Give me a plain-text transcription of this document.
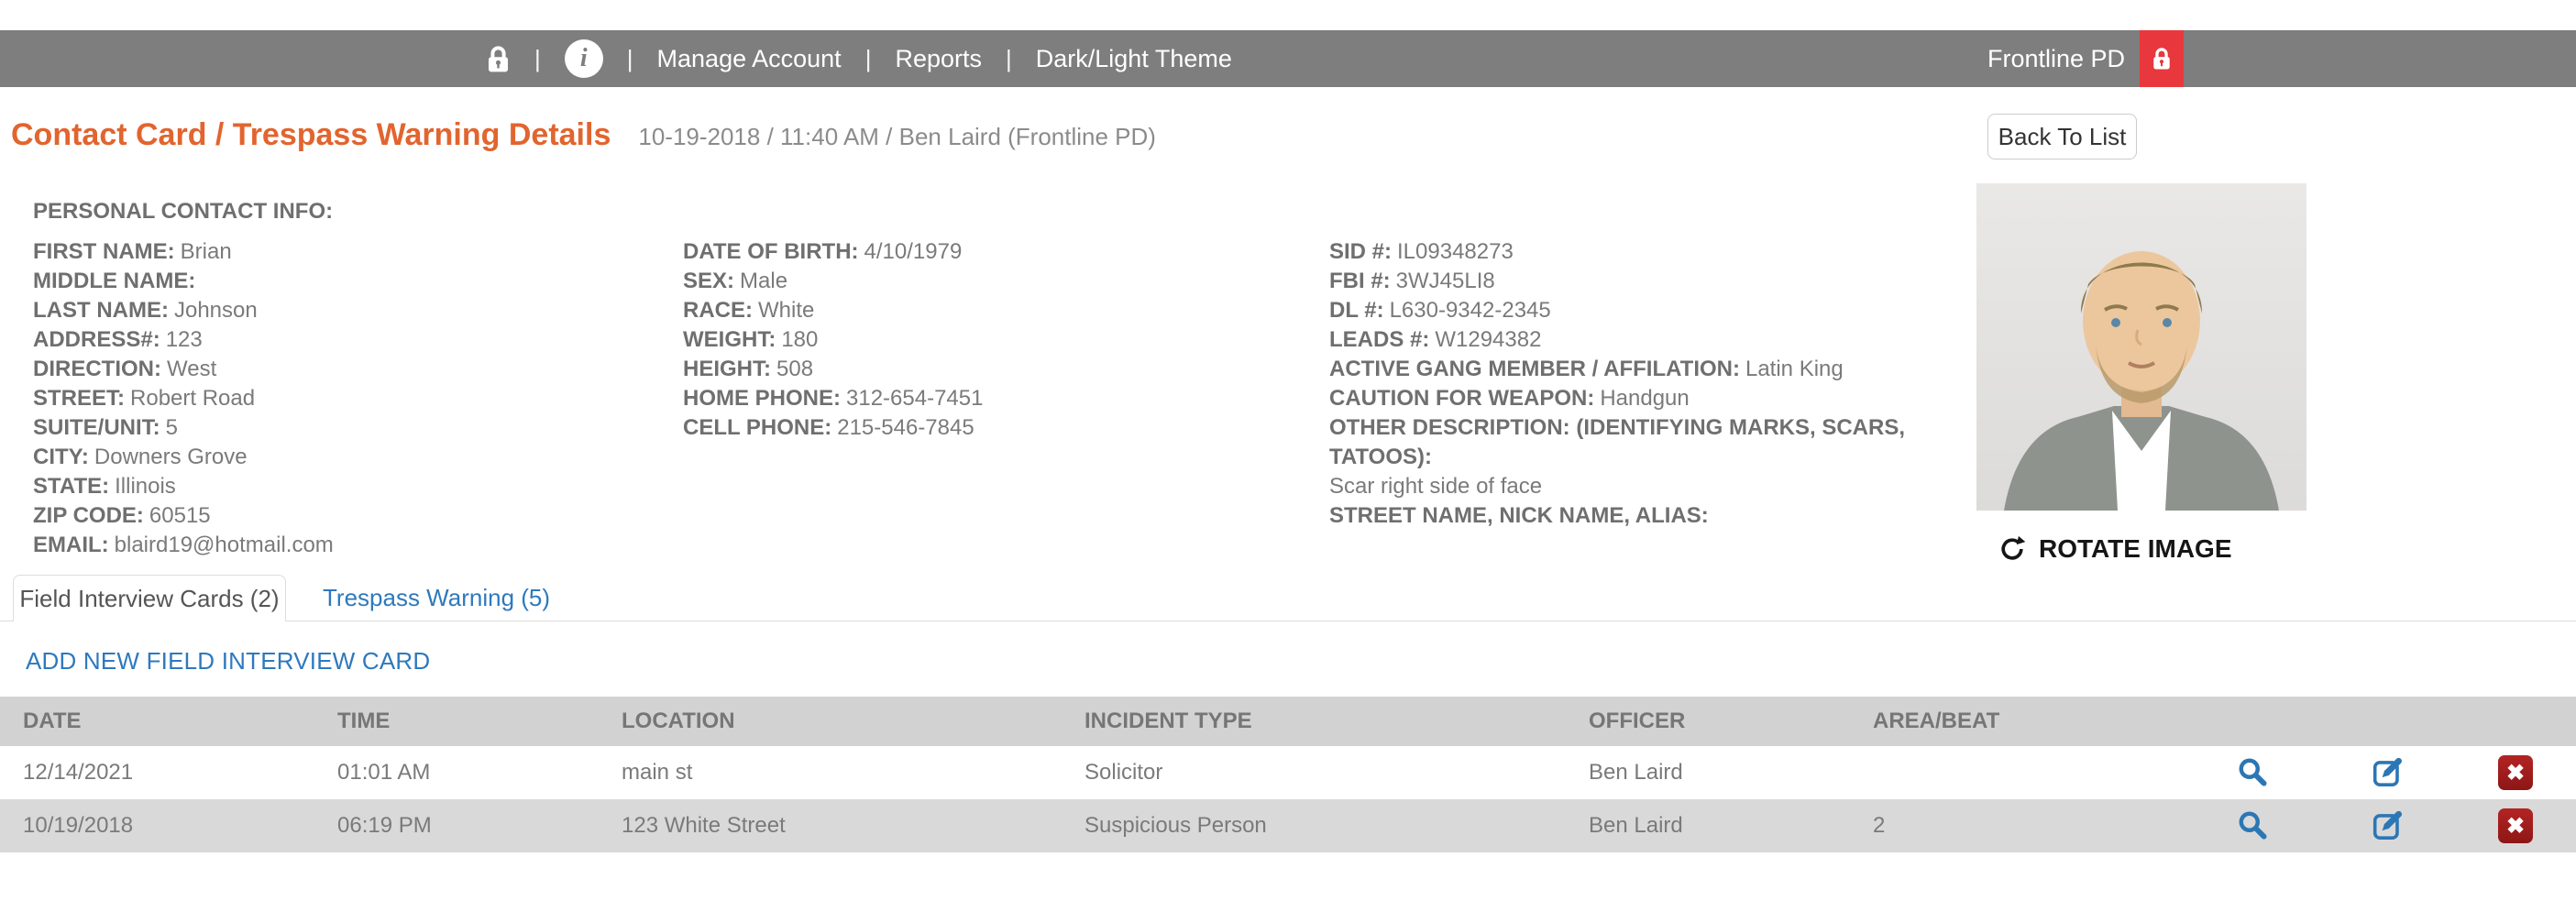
|	i	| Manage Account | Reports | Dark/Light Theme	Frontline PD
Contact Card / Trespass Warning Details 10-19-2018 / 11:40 AM / Ben Laird (Frontline PD)	Back To List
PERSONAL CONTACT INFO:
FIRST NAME: Brian
MIDDLE NAME:
LAST NAME: Johnson
ADDRESS#: 123
DIRECTION: West
STREET: Robert Road
SUITE/UNIT: 5
CITY: Downers Grove
STATE: Illinois
ZIP CODE: 60515
EMAIL: blaird19@hotmail.com
DATE OF BIRTH: 4/10/1979
SEX: Male
RACE: White
WEIGHT: 180
HEIGHT: 508
HOME PHONE: 312-654-7451
CELL PHONE: 215-546-7845
SID #: IL09348273
FBI #: 3WJ45LI8
DL #: L630-9342-2345
LEADS #: W1294382
ACTIVE GANG MEMBER / AFFILATION: Latin King
CAUTION FOR WEAPON: Handgun
OTHER DESCRIPTION: (IDENTIFYING MARKS, SCARS, TATOOS):
Scar right side of face
STREET NAME, NICK NAME, ALIAS:
ROTATE IMAGE
Field Interview Cards (2) Trespass Warning (5)
ADD NEW FIELD INTERVIEW CARD
DATE	TIME	LOCATION	INCIDENT TYPE	OFFICER	AREA/BEAT			
12/14/2021	01:01 AM	main st	Solicitor	Ben Laird				✖
10/19/2018	06:19 PM	123 White Street	Suspicious Person	Ben Laird	2			✖
